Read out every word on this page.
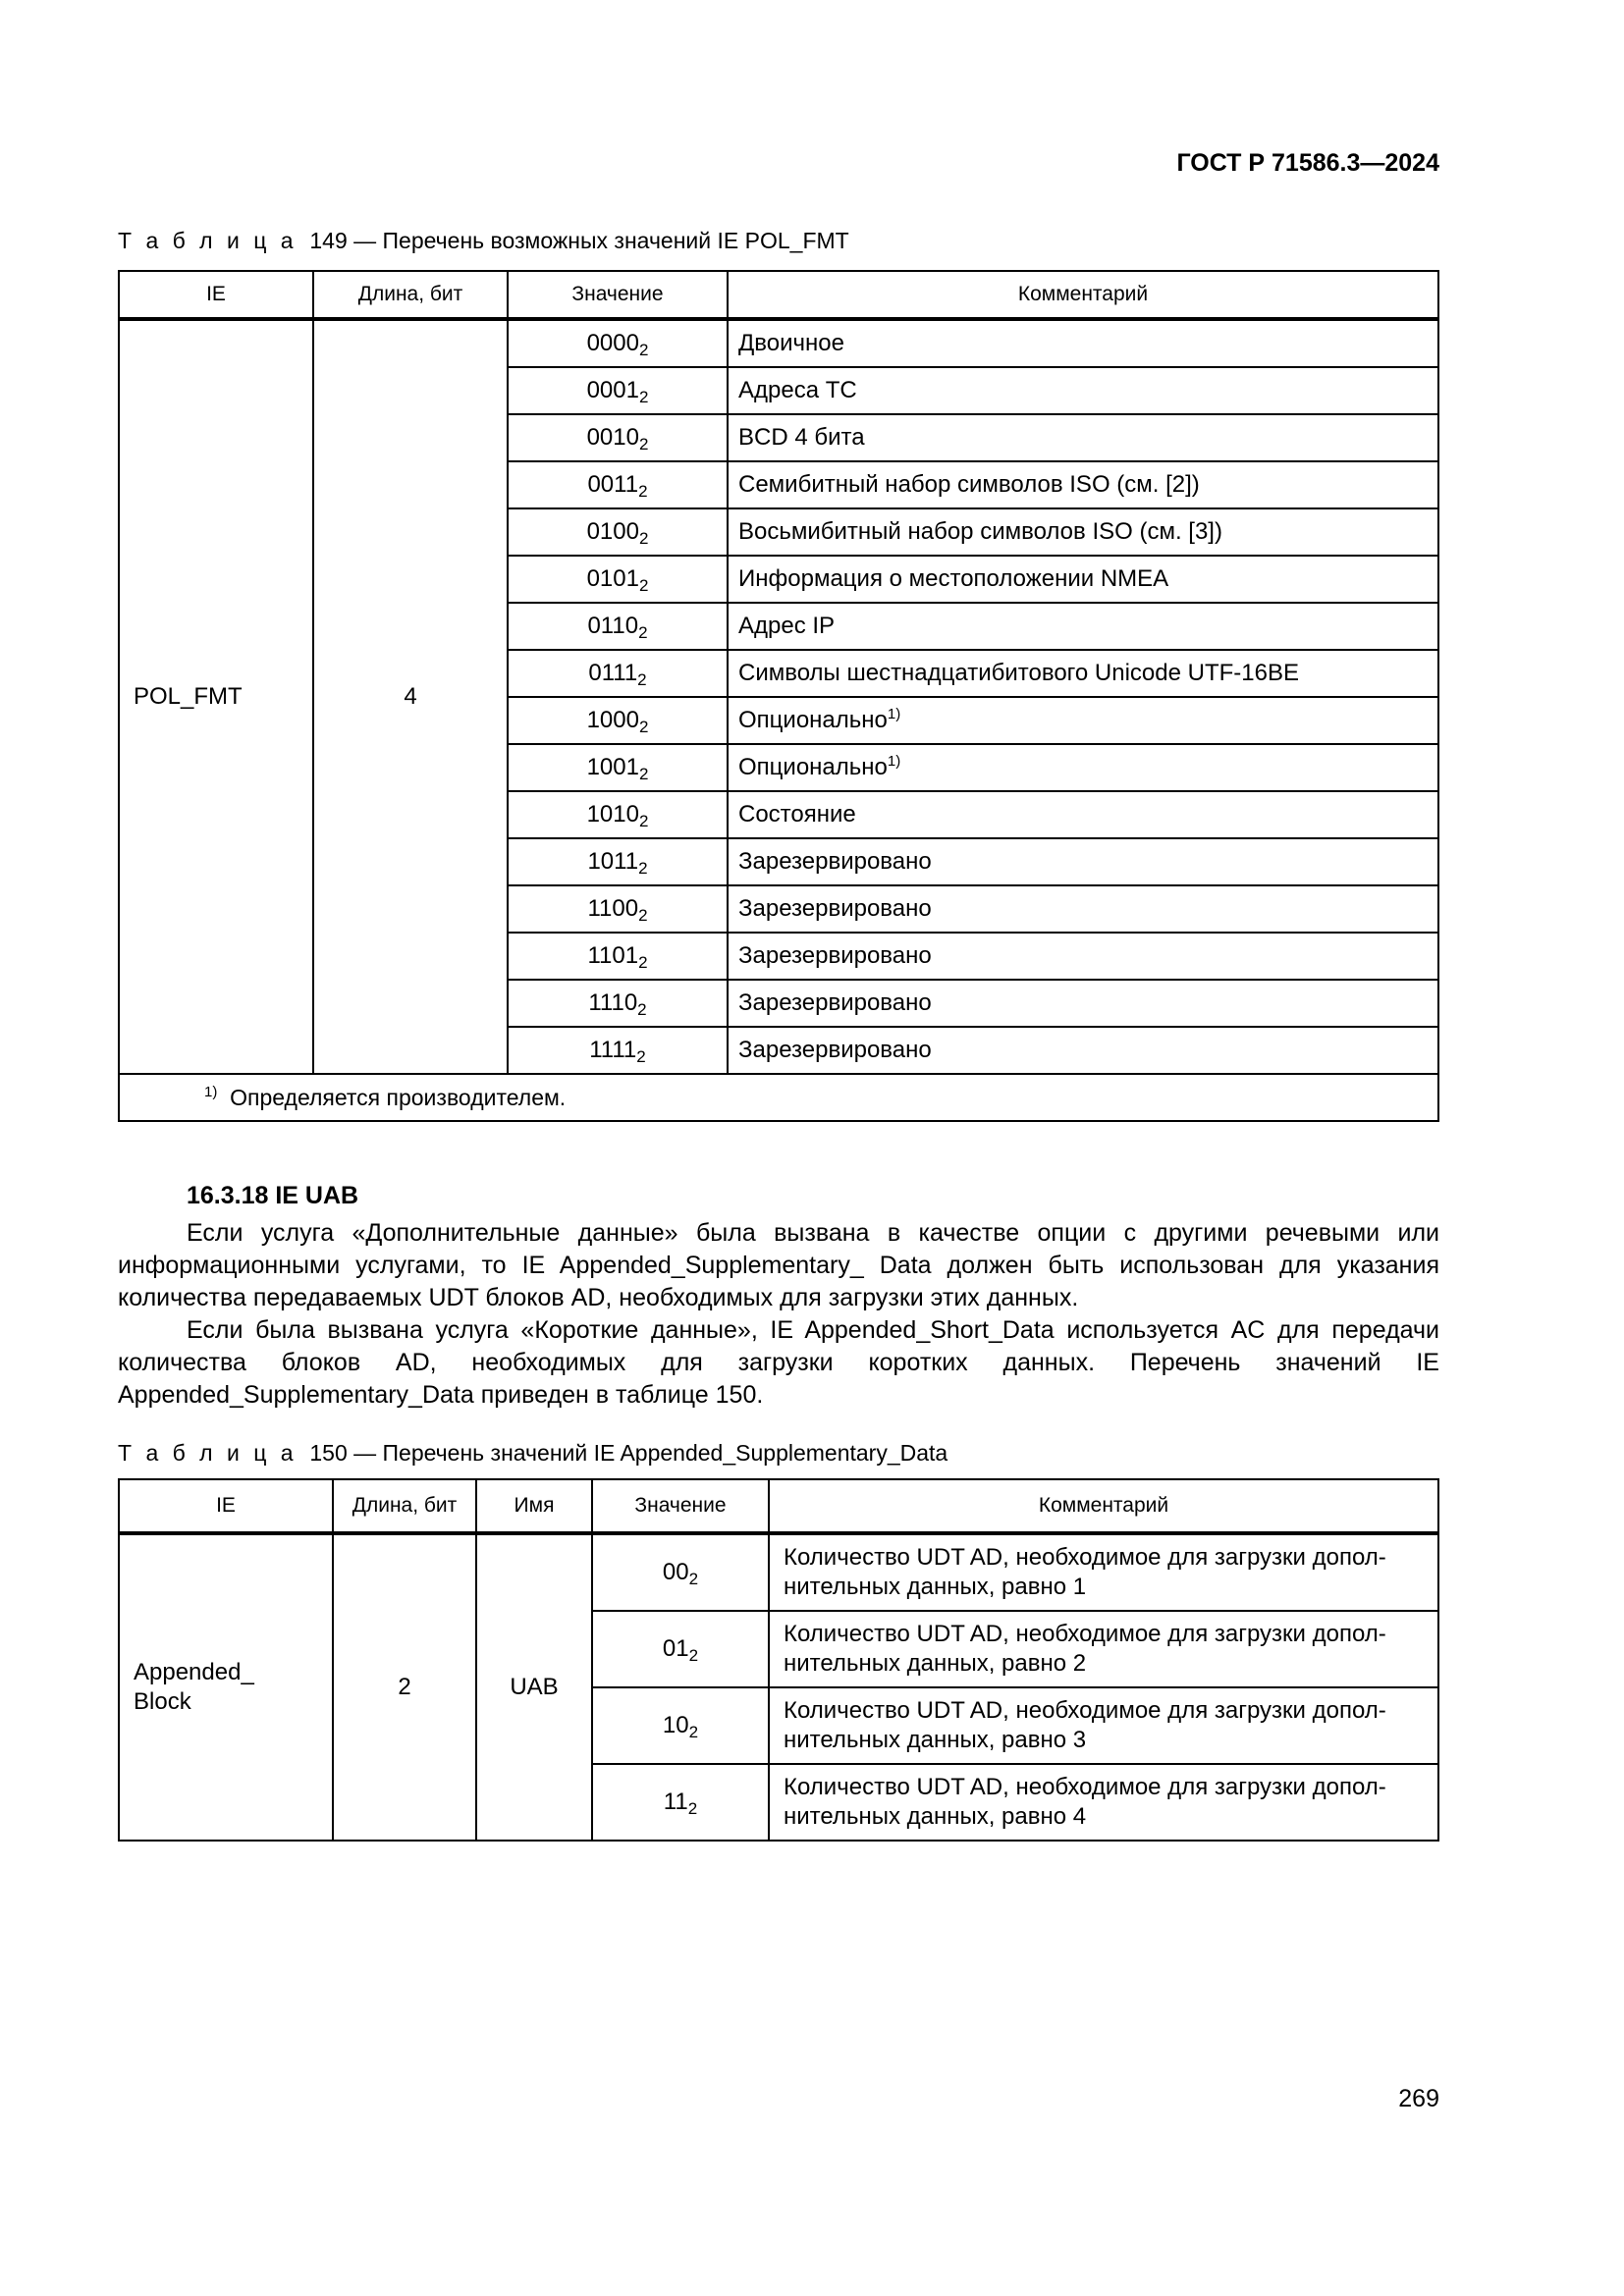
ГОСТ Р 71586.3—2024
Т а б л и ц а 149 — Перечень возможных значений IE POL_FMT
IE	Длина, бит	Значение	Комментарий
POL_FMT	4	$0000_2$	Двоичное
		$0001_2$	Адреса ТС
		$0010_2$	BCD 4 бита
		$0011_2$	Семибитный набор символов ISO (см. [2])
		$0100_2$	Восьмибитный набор символов ISO (см. [3])
		$0101_2$	Информация о местоположении NMEA
		$0110_2$	Адрес IP
		$0111_2$	Символы шестнадцатибитового Unicode UTF-16BE
		$1000_2$	Опционально$^{1)}$
		$1001_2$	Опционально$^{1)}$
		$1010_2$	Состояние
		$1011_2$	Зарезервировано
		$1100_2$	Зарезервировано
		$1101_2$	Зарезервировано
		$1110_2$	Зарезервировано
		$1111_2$	Зарезервировано
$^{1)}$ Определяется производителем.			
16.3.18 IE UAB
Если услуга «Дополнительные данные» была вызвана в качестве опции с другими речевыми или информационными услугами, то IE Appended_Supplementary_ Data должен быть использован для указания количества передаваемых UDT блоков AD, необходимых для загрузки этих данных.
Если была вызвана услуга «Короткие данные», IE Appended_Short_Data используется AC для передачи количества блоков AD, необходимых для загрузки коротких данных. Перечень значений IE Appended_Supplementary_Data приведен в таблице 150.
Т а б л и ц а 150 — Перечень значений IE Appended_Supplementary_Data
IE	Длина, бит	Имя	Значение	Комментарий
Appended_
Block	2	UAB	$00_2$	Количество UDT AD, необходимое для загрузки допол-
нительных данных, равно 1
			$01_2$	Количество UDT AD, необходимое для загрузки допол-
нительных данных, равно 2
			$10_2$	Количество UDT AD, необходимое для загрузки допол-
нительных данных, равно 3
			$11_2$	Количество UDT AD, необходимое для загрузки допол-
нительных данных, равно 4
269
